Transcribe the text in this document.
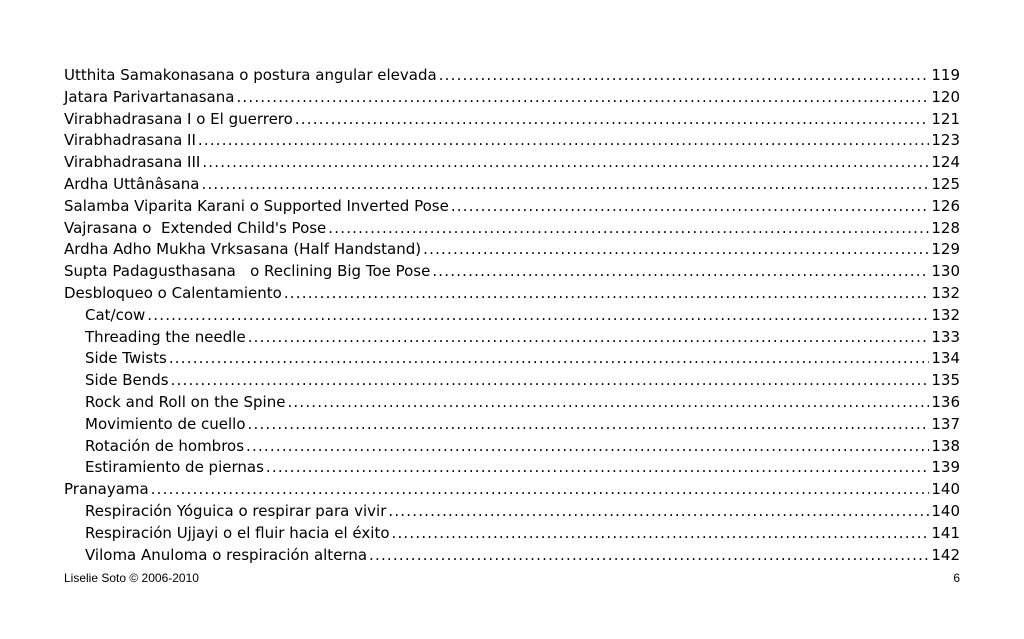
Utthita Samakonasana o postura angular elevada .....	119
Jatara Parivartanasana .....	120
Virabhadrasana I o El guerrero .....	121
Virabhadrasana II .....	123
Virabhadrasana III .....	124
Ardha Uttânâsana .....	125
Salamba Viparita Karani o Supported Inverted Pose .....	126
Vajrasana o  Extended Child's Pose .....	128
Ardha Adho Mukha Vrksasana (Half Handstand) .....	129
Supta Padagusthasana   o Reclining Big Toe Pose .....	130
Desbloqueo o Calentamiento .....	132
Cat/cow .....	132
Threading the needle .....	133
Side Twists .....	134
Side Bends .....	135
Rock and Roll on the Spine .....	136
Movimiento de cuello .....	137
Rotación de hombros .....	138
Estiramiento de piernas .....	139
Pranayama .....	140
Respiración Yóguica o respirar para vivir .....	140
Respiración Ujjayi o el fluir hacia el éxito .....	141
Viloma Anuloma o respiración alterna .....	142
Liselie Soto © 2006-2010	6
